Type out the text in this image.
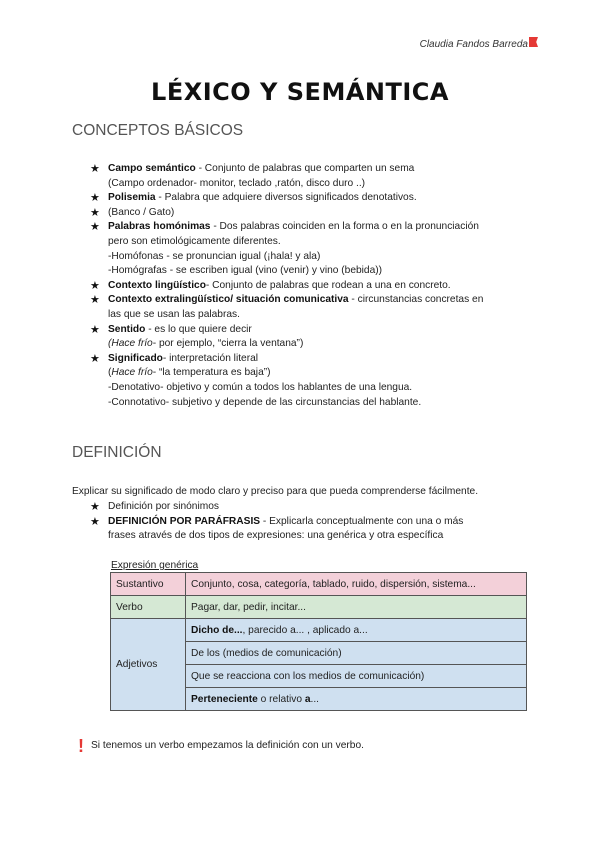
Claudia Fandos Barreda
LÉXICO Y SEMÁNTICA
CONCEPTOS BÁSICOS
★ Campo semántico - Conjunto de palabras que comparten un sema
(Campo ordenador- monitor, teclado ,ratón, disco duro ..)
★ Polisemia - Palabra que adquiere diversos significados denotativos.
★ (Banco / Gato)
★ Palabras homónimas - Dos palabras coinciden en la forma o en la pronunciación
pero son etimológicamente diferentes.
-Homófonas - se pronuncian igual (¡hala! y ala)
-Homógrafas - se escriben igual (vino (venir) y vino (bebida))
★ Contexto lingüístico- Conjunto de palabras que rodean a una en concreto.
★ Contexto extralingüístico/ situación comunicativa - circunstancias concretas en
las que se usan las palabras.
★ Sentido - es lo que quiere decir
(Hace frío- por ejemplo, “cierra la ventana”)
★ Significado- interpretación literal
(Hace frío- “la temperatura es baja”)
-Denotativo- objetivo y común a todos los hablantes de una lengua.
-Connotativo- subjetivo y depende de las circunstancias del hablante.
DEFINICIÓN
Explicar su significado de modo claro y preciso para que pueda comprenderse fácilmente.
★ Definición por sinónimos
★ DEFINICIÓN POR PARÁFRASIS - Explicarla conceptualmente con una o más
frases através de dos tipos de expresiones: una genérica y otra específica
Expresión genérica
Sustantivo	Conjunto, cosa, categoría, tablado, ruido, dispersión, sistema...
Verbo	Pagar, dar, pedir, incitar...
Adjetivos	Dicho de..., parecido a... , aplicado a...
	De los (medios de comunicación)
	Que se reacciona con los medios de comunicación)
	Perteneciente o relativo a...
! Si tenemos un verbo empezamos la definición con un verbo.
